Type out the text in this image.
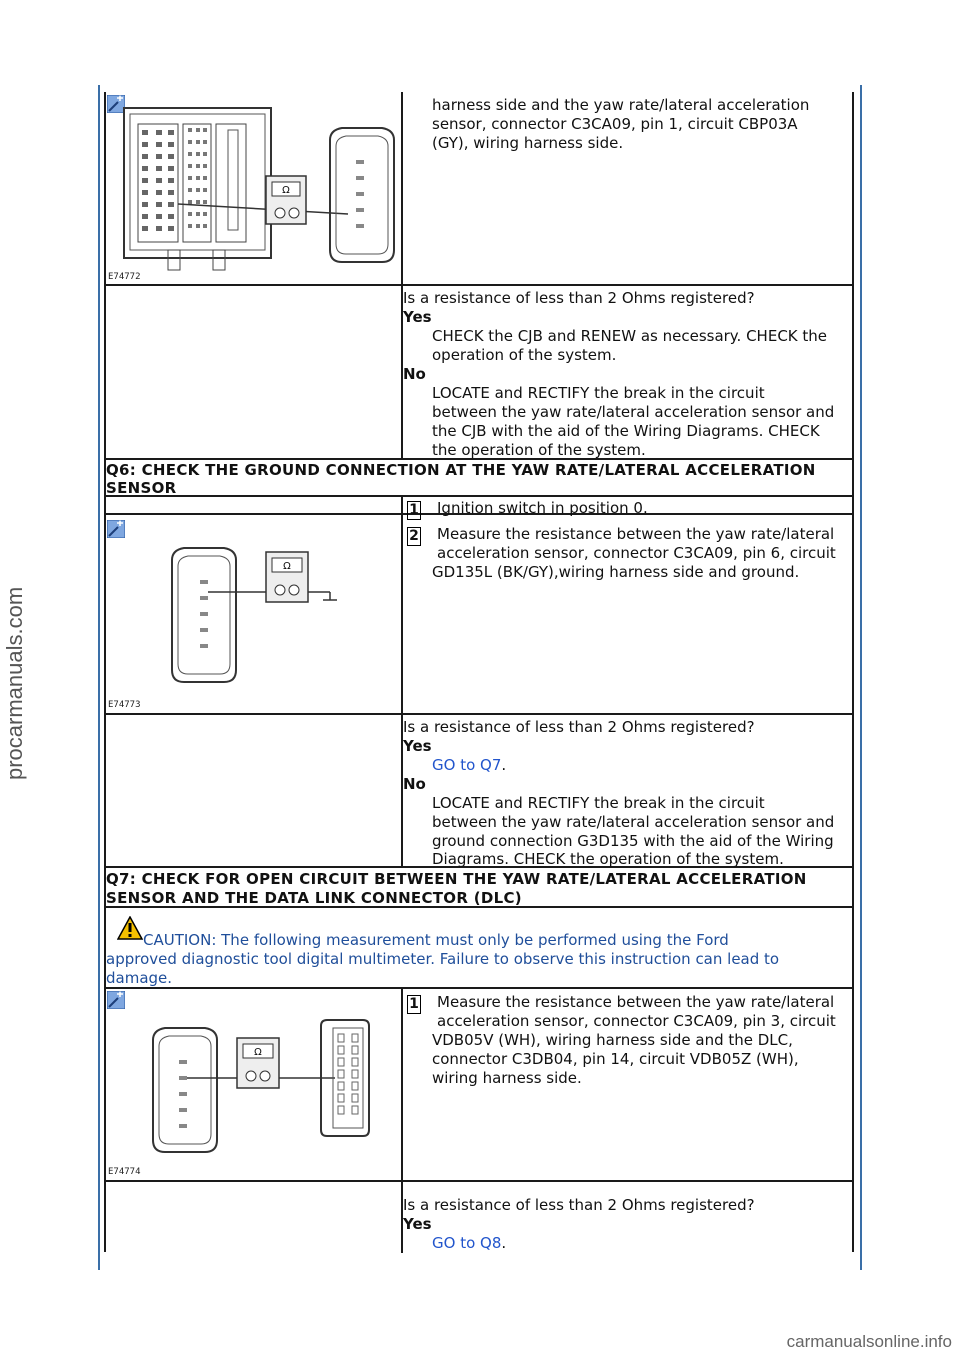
Ω
E74772
harness side and the yaw rate/lateral acceleration
sensor, connector C3CA09, pin 1, circuit CBP03A
(GY), wiring harness side.
Is a resistance of less than 2 Ohms registered?
Yes
CHECK the CJB and RENEW as necessary. CHECK the
operation of the system.
No
LOCATE and RECTIFY the break in the circuit
between the yaw rate/lateral acceleration sensor and
the CJB with the aid of the Wiring Diagrams. CHECK
the operation of the system.
Q6: CHECK THE GROUND CONNECTION AT THE YAW RATE/LATERAL ACCELERATION
SENSOR
1 Ignition switch in position 0.
Ω
E74773
2 Measure the resistance between the yaw rate/lateral
acceleration sensor, connector C3CA09, pin 6, circuit
GD135L (BK/GY),wiring harness side and ground.
Is a resistance of less than 2 Ohms registered?
Yes
GO to Q7.
No
LOCATE and RECTIFY the break in the circuit
between the yaw rate/lateral acceleration sensor and
ground connection G3D135 with the aid of the Wiring
Diagrams. CHECK the operation of the system.
Q7: CHECK FOR OPEN CIRCUIT BETWEEN THE YAW RATE/LATERAL ACCELERATION
SENSOR AND THE DATA LINK CONNECTOR (DLC)
CAUTION: The following measurement must only be performed using the Ford
approved diagnostic tool digital multimeter. Failure to observe this instruction can lead to
damage.
Ω
E74774
1 Measure the resistance between the yaw rate/lateral
acceleration sensor, connector C3CA09, pin 3, circuit
VDB05V (WH), wiring harness side and the DLC,
connector C3DB04, pin 14, circuit VDB05Z (WH),
wiring harness side.
Is a resistance of less than 2 Ohms registered?
Yes
GO to Q8.
procarmanuals.com
carmanualsonline.info
